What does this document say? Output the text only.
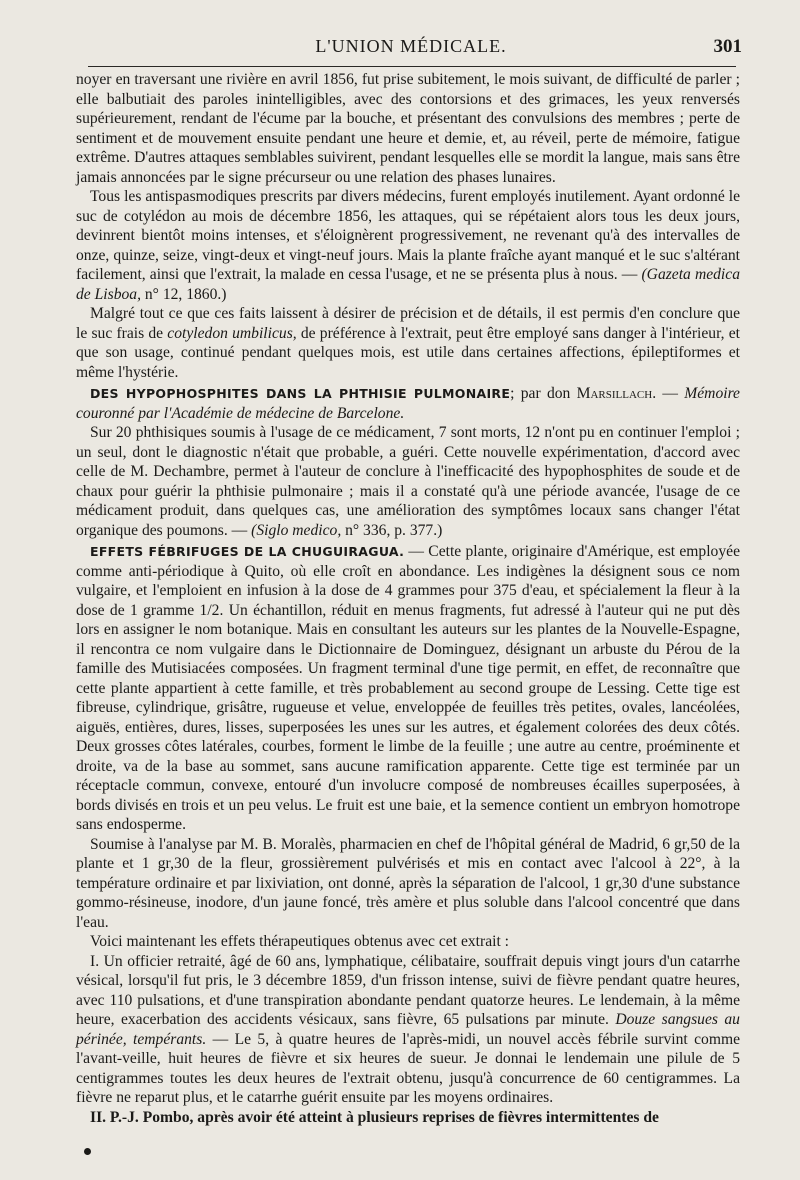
L'UNION MÉDICALE.	301

noyer en traversant une rivière en avril 1856, fut prise subitement, le mois suivant, de difficulté de parler ; elle balbutiait des paroles inintelligibles, avec des contorsions et des grimaces, les yeux renversés supérieurement, rendant de l'écume par la bouche, et présentant des convulsions des membres ; perte de sentiment et de mouvement ensuite pendant une heure et demie, et, au réveil, perte de mémoire, fatigue extrême. D'autres attaques semblables suivirent, pendant lesquelles elle se mordit la langue, mais sans être jamais annoncées par le signe précurseur ou une relation des phases lunaires.

Tous les antispasmodiques prescrits par divers médecins, furent employés inutilement. Ayant ordonné le suc de cotylédon au mois de décembre 1856, les attaques, qui se répétaient alors tous les deux jours, devinrent bientôt moins intenses, et s'éloignèrent progressivement, ne revenant qu'à des intervalles de onze, quinze, seize, vingt-deux et vingt-neuf jours. Mais la plante fraîche ayant manqué et le suc s'altérant facilement, ainsi que l'extrait, la malade en cessa l'usage, et ne se présenta plus à nous. — (Gazeta medica de Lisboa, n° 12, 1860.)

Malgré tout ce que ces faits laissent à désirer de précision et de détails, il est permis d'en conclure que le suc frais de cotyledon umbilicus, de préférence à l'extrait, peut être employé sans danger à l'intérieur, et que son usage, continué pendant quelques mois, est utile dans certaines affections, épileptiformes et même l'hystérie.

DES HYPOPHOSPHITES DANS LA PHTHISIE PULMONAIRE; par don Marsillach. — Mémoire couronné par l'Académie de médecine de Barcelone.

Sur 20 phthisiques soumis à l'usage de ce médicament, 7 sont morts, 12 n'ont pu en continuer l'emploi ; un seul, dont le diagnostic n'était que probable, a guéri. Cette nouvelle expérimentation, d'accord avec celle de M. Dechambre, permet à l'auteur de conclure à l'inefficacité des hypophosphites de soude et de chaux pour guérir la phthisie pulmonaire ; mais il a constaté qu'à une période avancée, l'usage de ce médicament produit, dans quelques cas, une amélioration des symptômes locaux sans changer l'état organique des poumons. — (Siglo medico, n° 336, p. 377.)

EFFETS FÉBRIFUGES DE LA CHUGUIRAGUA. — Cette plante, originaire d'Amérique, est employée comme anti-périodique à Quito, où elle croît en abondance. Les indigènes la désignent sous ce nom vulgaire, et l'emploient en infusion à la dose de 4 grammes pour 375 d'eau, et spécialement la fleur à la dose de 1 gramme 1/2. Un échantillon, réduit en menus fragments, fut adressé à l'auteur qui ne put dès lors en assigner le nom botanique. Mais en consultant les auteurs sur les plantes de la Nouvelle-Espagne, il rencontra ce nom vulgaire dans le Dictionnaire de Dominguez, désignant un arbuste du Pérou de la famille des Mutisiacées composées. Un fragment terminal d'une tige permit, en effet, de reconnaître que cette plante appartient à cette famille, et très probablement au second groupe de Lessing. Cette tige est fibreuse, cylindrique, grisâtre, rugueuse et velue, enveloppée de feuilles très petites, ovales, lancéolées, aiguës, entières, dures, lisses, superposées les unes sur les autres, et également colorées des deux côtés. Deux grosses côtes latérales, courbes, forment le limbe de la feuille ; une autre au centre, proéminente et droite, va de la base au sommet, sans aucune ramification apparente. Cette tige est terminée par un réceptacle commun, convexe, entouré d'un involucre composé de nombreuses écailles superposées, à bords divisés en trois et un peu velus. Le fruit est une baie, et la semence contient un embryon homotrope sans endosperme.

Soumise à l'analyse par M. B. Moralès, pharmacien en chef de l'hôpital général de Madrid, 6 gr,50 de la plante et 1 gr,30 de la fleur, grossièrement pulvérisés et mis en contact avec l'alcool à 22°, à la température ordinaire et par lixiviation, ont donné, après la séparation de l'alcool, 1 gr,30 d'une substance gommo-résineuse, inodore, d'un jaune foncé, très amère et plus soluble dans l'alcool concentré que dans l'eau.

Voici maintenant les effets thérapeutiques obtenus avec cet extrait :

I. Un officier retraité, âgé de 60 ans, lymphatique, célibataire, souffrait depuis vingt jours d'un catarrhe vésical, lorsqu'il fut pris, le 3 décembre 1859, d'un frisson intense, suivi de fièvre pendant quatre heures, avec 110 pulsations, et d'une transpiration abondante pendant quatorze heures. Le lendemain, à la même heure, exacerbation des accidents vésicaux, sans fièvre, 65 pulsations par minute. Douze sangsues au périnée, tempérants. — Le 5, à quatre heures de l'après-midi, un nouvel accès fébrile survint comme l'avant-veille, huit heures de fièvre et six heures de sueur. Je donnai le lendemain une pilule de 5 centigrammes toutes les deux heures de l'extrait obtenu, jusqu'à concurrence de 60 centigrammes. La fièvre ne reparut plus, et le catarrhe guérit ensuite par les moyens ordinaires.

II. P.-J. Pombo, après avoir été atteint à plusieurs reprises de fièvres intermittentes de
